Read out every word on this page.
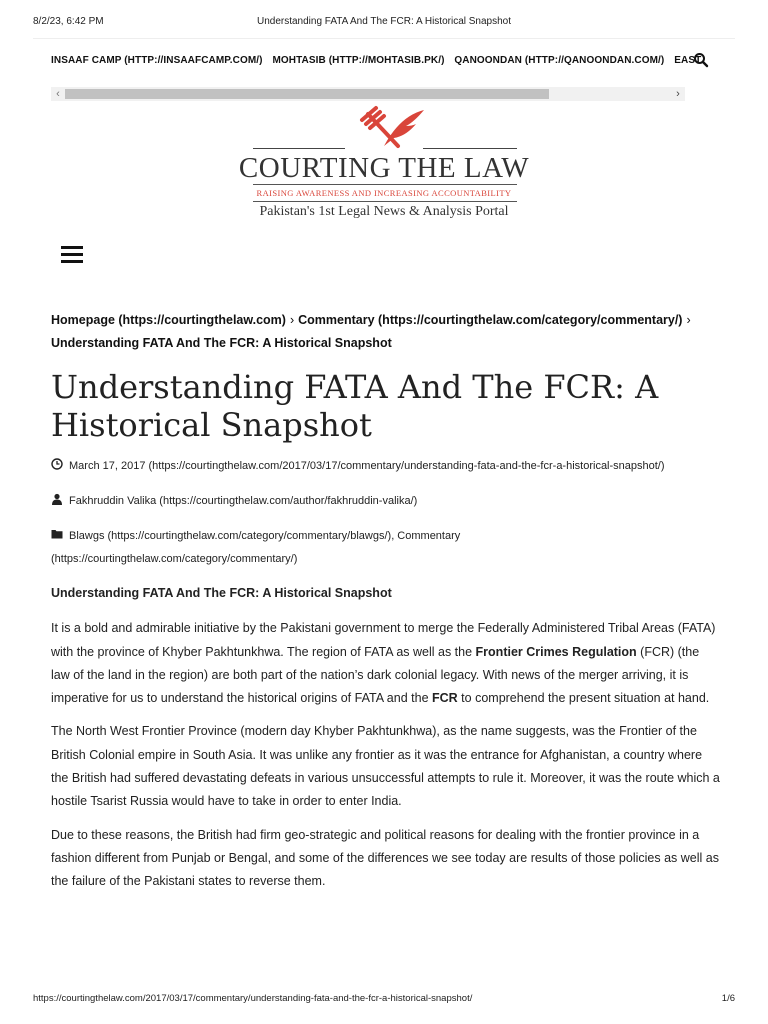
8/2/23, 6:42 PM	Understanding FATA And The FCR: A Historical Snapshot
INSAAF CAMP (HTTP://INSAAFCAMP.COM/) MOHTASIB (HTTP://MOHTASIB.PK/) QANOONDAN (HTTP://QANOONDAN.COM/) EAST
‹	›
COURTING THE LAW
RAISING AWARENESS AND INCREASING ACCOUNTABILITY
Pakistan's 1st Legal News & Analysis Portal
Homepage (https://courtingthelaw.com) › Commentary (https://courtingthelaw.com/category/commentary/) ›
Understanding FATA And The FCR: A Historical Snapshot
Understanding FATA And The FCR: A Historical Snapshot
March 17, 2017 (https://courtingthelaw.com/2017/03/17/commentary/understanding-fata-and-the-fcr-a-historical-snapshot/)
Fakhruddin Valika (https://courtingthelaw.com/author/fakhruddin-valika/)
Blawgs (https://courtingthelaw.com/category/commentary/blawgs/), Commentary
(https://courtingthelaw.com/category/commentary/)
Understanding FATA And The FCR: A Historical Snapshot

It is a bold and admirable initiative by the Pakistani government to merge the Federally Administered Tribal Areas (FATA) with the province of Khyber Pakhtunkhwa. The region of FATA as well as the Frontier Crimes Regulation (FCR) (the law of the land in the region) are both part of the nation’s dark colonial legacy. With news of the merger arriving, it is imperative for us to understand the historical origins of FATA and the FCR to comprehend the present situation at hand.

The North West Frontier Province (modern day Khyber Pakhtunkhwa), as the name suggests, was the Frontier of the British Colonial empire in South Asia. It was unlike any frontier as it was the entrance for Afghanistan, a country where the British had suffered devastating defeats in various unsuccessful attempts to rule it. Moreover, it was the route which a hostile Tsarist Russia would have to take in order to enter India.

Due to these reasons, the British had firm geo-strategic and political reasons for dealing with the frontier province in a fashion different from Punjab or Bengal, and some of the differences we see today are results of those policies as well as the failure of the Pakistani states to reverse them.

https://courtingthelaw.com/2017/03/17/commentary/understanding-fata-and-the-fcr-a-historical-snapshot/	1/6
